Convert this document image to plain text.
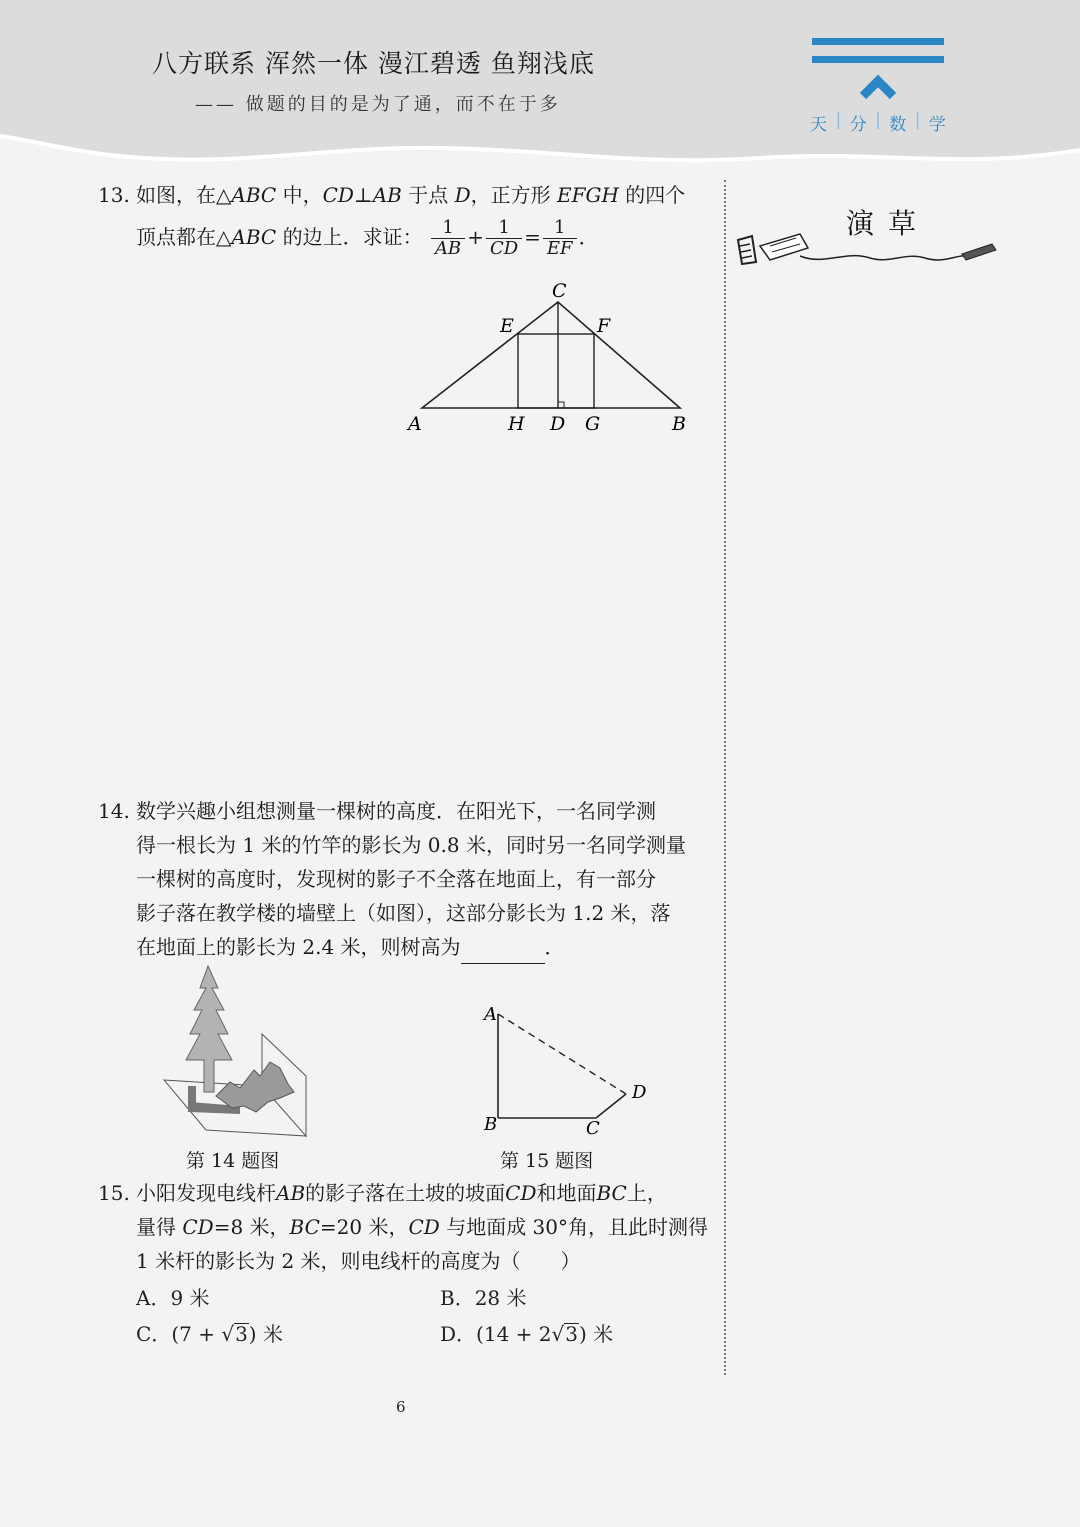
八方联系 浑然一体 漫江碧透 鱼翔浅底
—— 做题的目的是为了通，而不在于多
天 | 分 | 数 | 学
演草
13. 如图，在△ABC 中，CD⊥AB 于点 D，正方形 EFGH 的四个
顶点都在△ABC 的边上．求证： $\frac{1}{AB} + \frac{1}{CD} = \frac{1}{EF}$ ．
A
C
E	F
H D G	B
14. 数学兴趣小组想测量一棵树的高度．在阳光下，一名同学测
得一根长为 1 米的竹竿的影长为 0.8 米，同时另一名同学测量
一棵树的高度时，发现树的影子不全落在地面上，有一部分
影子落在教学楼的墙壁上（如图），这部分影长为 1.2 米，落
在地面上的影长为 2.4 米，则树高为	．
第 14 题图
A
B	C
D
第 15 题图
15. 小阳发现电线杆AB的影子落在土坡的坡面CD和地面BC上，
量得 CD=8 米，BC=20 米，CD 与地面成 30°角，且此时测得
1 米杆的影长为 2 米，则电线杆的高度为（　　）
A．9 米	B．28 米
C．(7 + √3) 米	D．(14 + 2√3) 米
6
